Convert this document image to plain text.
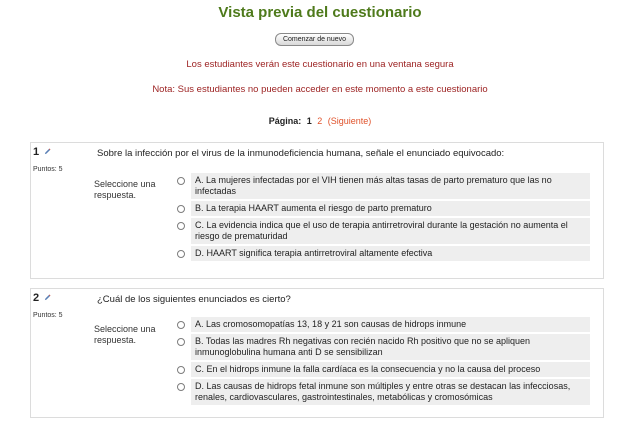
Vista previa del cuestionario
Comenzar de nuevo
Los estudiantes verán este cuestionario en una ventana segura
Nota: Sus estudiantes no pueden acceder en este momento a este cuestionario
Página: 1 2 (Siguiente)
1
Puntos: 5
Sobre la infección por el virus de la inmunodeficiencia humana, señale el enunciado equivocado:
Seleccione una respuesta.
A. La mujeres infectadas por el VIH tienen más altas tasas de parto prematuro que las no infectadas
B. La terapia HAART aumenta el riesgo de parto prematuro
C. La evidencia indica que el uso de terapia antirretroviral durante la gestación no aumenta el riesgo de prematuridad
D. HAART significa terapia antirretroviral altamente efectiva
2
Puntos: 5
¿Cuál de los siguientes enunciados es cierto?
Seleccione una respuesta.
A. Las cromosomopatías 13, 18 y 21 son causas de hidrops inmune
B. Todas las madres Rh negativas con recién nacido Rh positivo que no se apliquen inmunoglobulina humana anti D se sensibilizan
C. En el hidrops inmune la falla cardíaca es la consecuencia y no la causa del proceso
D. Las causas de hidrops fetal inmune son múltiples y entre otras se destacan las infecciosas, renales, cardiovasculares, gastrointestinales, metabólicas y cromosómicas
